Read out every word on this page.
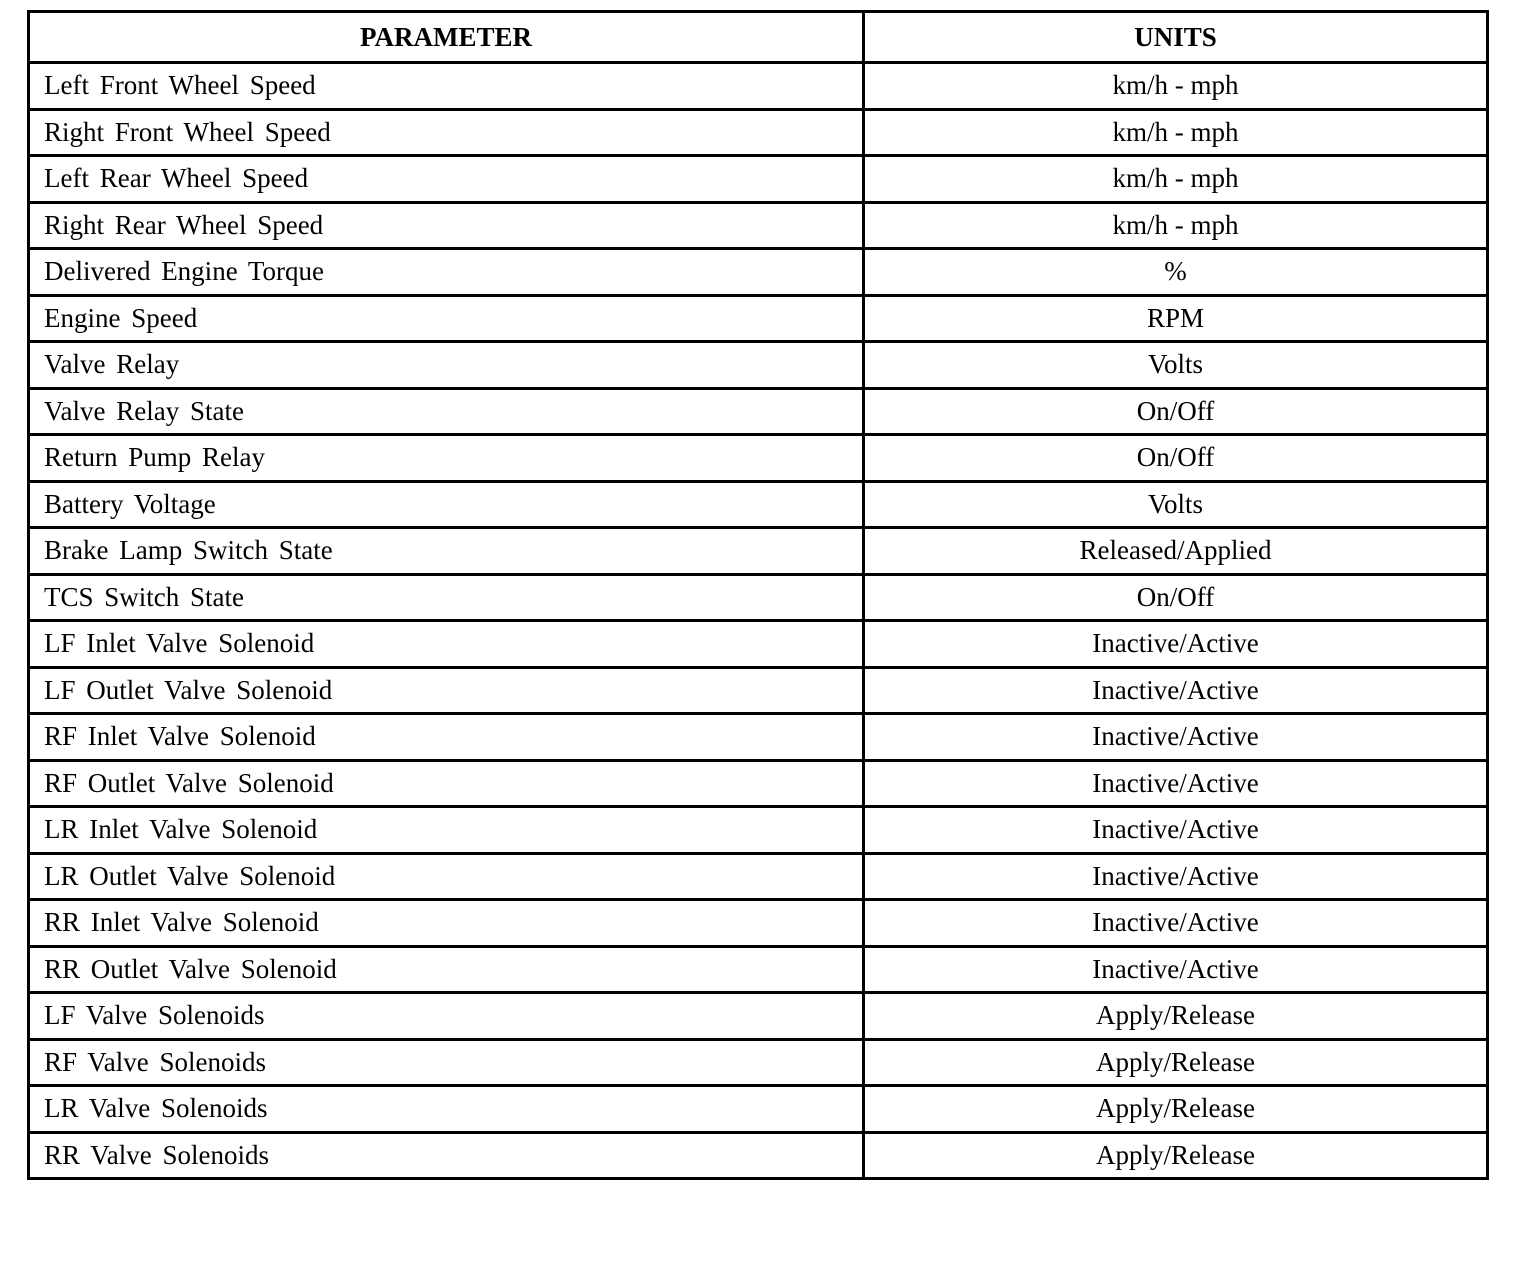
PARAMETER	UNITS
Left Front Wheel Speed	km/h - mph
Right Front Wheel Speed	km/h - mph
Left Rear Wheel Speed	km/h - mph
Right Rear Wheel Speed	km/h - mph
Delivered Engine Torque	%
Engine Speed	RPM
Valve Relay	Volts
Valve Relay State	On/Off
Return Pump Relay	On/Off
Battery Voltage	Volts
Brake Lamp Switch State	Released/Applied
TCS Switch State	On/Off
LF Inlet Valve Solenoid	Inactive/Active
LF Outlet Valve Solenoid	Inactive/Active
RF Inlet Valve Solenoid	Inactive/Active
RF Outlet Valve Solenoid	Inactive/Active
LR Inlet Valve Solenoid	Inactive/Active
LR Outlet Valve Solenoid	Inactive/Active
RR Inlet Valve Solenoid	Inactive/Active
RR Outlet Valve Solenoid	Inactive/Active
LF Valve Solenoids	Apply/Release
RF Valve Solenoids	Apply/Release
LR Valve Solenoids	Apply/Release
RR Valve Solenoids	Apply/Release
